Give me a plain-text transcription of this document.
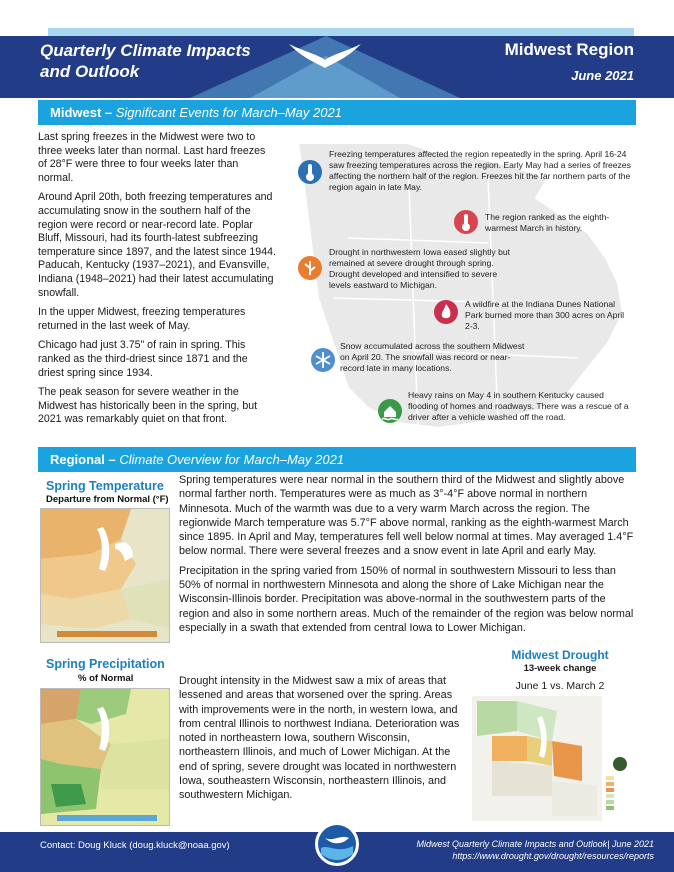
Quarterly Climate Impacts
and Outlook
Midwest Region
June 2021
Midwest – Significant Events for March–May 2021

Last spring freezes in the Midwest were two to three weeks later than normal. Last hard freezes of 28°F were three to four weeks later than normal.

Around April 20th, both freezing temperatures and accumulating snow in the southern half of the region were record or near-record late. Poplar Bluff, Missouri, had its fourth-latest subfreezing temperature since 1897, and the latest since 1944. Paducah, Kentucky (1937–2021), and Evansville, Indiana (1948–2021) had their latest accumulating snowfall.

In the upper Midwest, freezing temperatures returned in the last week of May.

Chicago had just 3.75" of rain in spring. This ranked as the third-driest since 1871 and the driest spring since 1934.

The peak season for severe weather in the Midwest has historically been in the spring, but 2021 was remarkably quiet on that front.

Freezing temperatures affected the region repeatedly in the spring. April 16-24 saw freezing temperatures across the region. Early May had a series of freezes affecting the northern half of the region. Freezes hit the far northern parts of the region again in late May.
The region ranked as the eighth-warmest March in history.
Drought in northwestern Iowa eased slightly but remained at severe drought through spring. Drought developed and intensified to severe levels eastward to Michigan.
A wildfire at the Indiana Dunes National Park burned more than 300 acres on April 2-3.
Snow accumulated across the southern Midwest on April 20. The snowfall was record or near-record late in many locations.
Heavy rains on May 4 in southern Kentucky caused flooding of homes and roadways. There was a rescue of a driver after a vehicle washed off the road.
Regional – Climate Overview for March–May 2021
Spring Temperature
Departure from Normal (°F)
Spring Precipitation
% of Normal

Spring temperatures were near normal in the southern third of the Midwest and slightly above normal farther north. Temperatures were as much as 3°-4°F above normal in northern Minnesota. Much of the warmth was due to a very warm March across the region. The regionwide March temperature was 5.7°F above normal, ranking as the eighth-warmest March since 1895. In April and May, temperatures fell well below normal at times. May averaged 1.4°F below normal. There were several freezes and a snow event in late April and early May.

Precipitation in the spring varied from 150% of normal in southwestern Missouri to less than 50% of normal in northwestern Minnesota and along the shore of Lake Michigan near the Wisconsin-Illinois border. Precipitation was above-normal in the southwestern parts of the region and also in some northern areas. Much of the remainder of the region was below normal especially in a swath that extended from central Iowa to Lower Michigan.

Drought intensity in the Midwest saw a mix of areas that lessened and areas that worsened over the spring. Areas with improvements were in the north, in western Iowa, and from central Illinois to northwest Indiana. Deterioration was noted in northeastern Iowa, southern Wisconsin, northeastern Illinois, and much of Lower Michigan. At the end of spring, severe drought was located in northwestern Iowa, southeastern Wisconsin, northeastern Illinois, and southwestern Michigan.

Midwest Drought
13-week change
June 1 vs. March 2
Contact: Doug Kluck (doug.kluck@noaa.gov)	Midwest Quarterly Climate Impacts and Outlook| June 2021
https://www.drought.gov/drought/resources/reports
